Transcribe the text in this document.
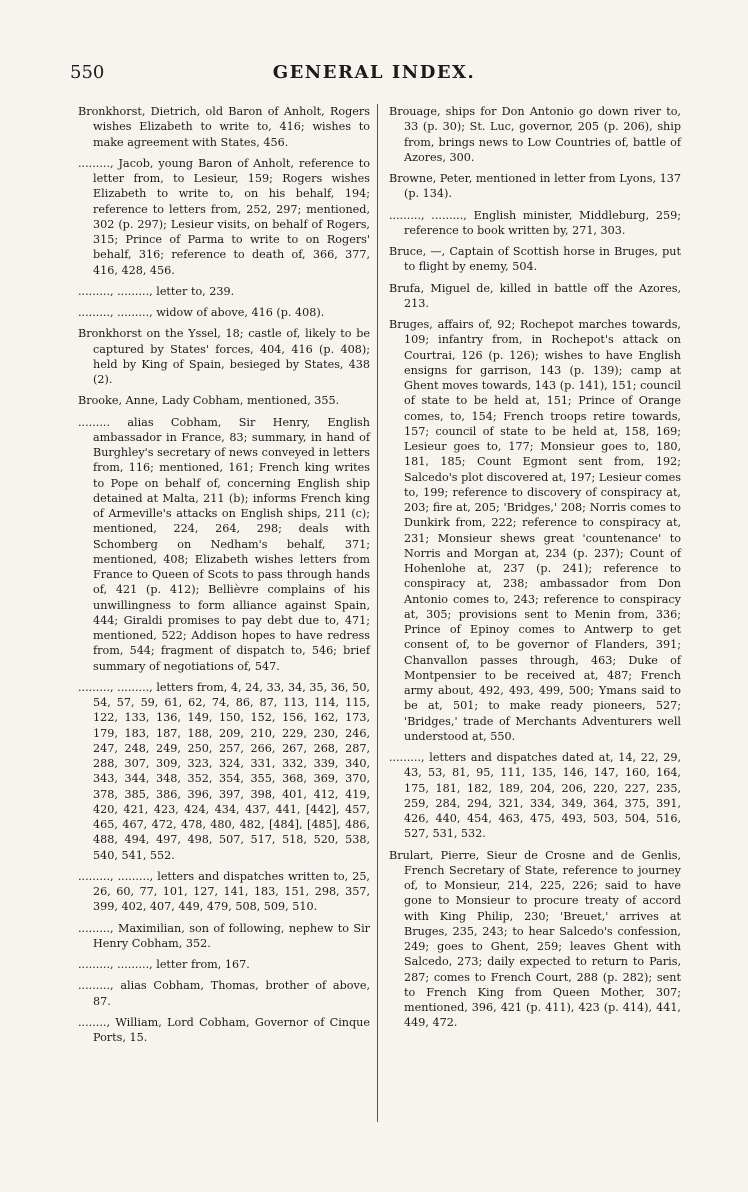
550	GENERAL INDEX.

Bronkhorst, Dietrich, old Baron of Anholt, Rogers wishes Elizabeth to write to, 416; wishes to make agreement with States, 456.

........., Jacob, young Baron of Anholt, reference to letter from, to Lesieur, 159; Rogers wishes Elizabeth to write to, on his behalf, 194; reference to letters from, 252, 297; mentioned, 302 (p. 297); Lesieur visits, on behalf of Rogers, 315; Prince of Parma to write to on Rogers' behalf, 316; reference to death of, 366, 377, 416, 428, 456.

........., ........., letter to, 239.

........., ........., widow of above, 416 (p. 408).

Bronkhorst on the Yssel, 18; castle of, likely to be captured by States' forces, 404, 416 (p. 408); held by King of Spain, besieged by States, 438 (2).

Brooke, Anne, Lady Cobham, mentioned, 355.

......... alias Cobham, Sir Henry, English ambassador in France, 83; summary, in hand of Burghley's secretary of news conveyed in letters from, 116; mentioned, 161; French king writes to Pope on behalf of, concerning English ship detained at Malta, 211 (b); informs French king of Armeville's attacks on English ships, 211 (c); mentioned, 224, 264, 298; deals with Schomberg on Nedham's behalf, 371; mentioned, 408; Elizabeth wishes letters from France to Queen of Scots to pass through hands of, 421 (p. 412); Bellièvre complains of his unwillingness to form alliance against Spain, 444; Giraldi promises to pay debt due to, 471; mentioned, 522; Addison hopes to have redress from, 544; fragment of dispatch to, 546; brief summary of negotiations of, 547.

........., ........., letters from, 4, 24, 33, 34, 35, 36, 50, 54, 57, 59, 61, 62, 74, 86, 87, 113, 114, 115, 122, 133, 136, 149, 150, 152, 156, 162, 173, 179, 183, 187, 188, 209, 210, 229, 230, 246, 247, 248, 249, 250, 257, 266, 267, 268, 287, 288, 307, 309, 323, 324, 331, 332, 339, 340, 343, 344, 348, 352, 354, 355, 368, 369, 370, 378, 385, 386, 396, 397, 398, 401, 412, 419, 420, 421, 423, 424, 434, 437, 441, [442], 457, 465, 467, 472, 478, 480, 482, [484], [485], 486, 488, 494, 497, 498, 507, 517, 518, 520, 538, 540, 541, 552.

........., ........., letters and dispatches written to, 25, 26, 60, 77, 101, 127, 141, 183, 151, 298, 357, 399, 402, 407, 449, 479, 508, 509, 510.

........., Maximilian, son of following, nephew to Sir Henry Cobham, 352.

........., ........., letter from, 167.

........., alias Cobham, Thomas, brother of above, 87.

........, William, Lord Cobham, Governor of Cinque Ports, 15.

Brouage, ships for Don Antonio go down river to, 33 (p. 30); St. Luc, governor, 205 (p. 206), ship from, brings news to Low Countries of, battle of Azores, 300.

Browne, Peter, mentioned in letter from Lyons, 137 (p. 134).

........., ........., English minister, Middleburg, 259; reference to book written by, 271, 303.

Bruce, —, Captain of Scottish horse in Bruges, put to flight by enemy, 504.

Brufa, Miguel de, killed in battle off the Azores, 213.

Bruges, affairs of, 92; Rochepot marches towards, 109; infantry from, in Rochepot's attack on Courtrai, 126 (p. 126); wishes to have English ensigns for garrison, 143 (p. 139); camp at Ghent moves towards, 143 (p. 141), 151; council of state to be held at, 151; Prince of Orange comes, to, 154; French troops retire towards, 157; council of state to be held at, 158, 169; Lesieur goes to, 177; Monsieur goes to, 180, 181, 185; Count Egmont sent from, 192; Salcedo's plot discovered at, 197; Lesieur comes to, 199; reference to discovery of conspiracy at, 203; fire at, 205; 'Bridges,' 208; Norris comes to Dunkirk from, 222; reference to conspiracy at, 231; Monsieur shews great 'countenance' to Norris and Morgan at, 234 (p. 237); Count of Hohenlohe at, 237 (p. 241); reference to conspiracy at, 238; ambassador from Don Antonio comes to, 243; reference to conspiracy at, 305; provisions sent to Menin from, 336; Prince of Epinoy comes to Antwerp to get consent of, to be governor of Flanders, 391; Chanvallon passes through, 463; Duke of Montpensier to be received at, 487; French army about, 492, 493, 499, 500; Ymans said to be at, 501; to make ready pioneers, 527; 'Bridges,' trade of Merchants Adventurers well understood at, 550.

........., letters and dispatches dated at, 14, 22, 29, 43, 53, 81, 95, 111, 135, 146, 147, 160, 164, 175, 181, 182, 189, 204, 206, 220, 227, 235, 259, 284, 294, 321, 334, 349, 364, 375, 391, 426, 440, 454, 463, 475, 493, 503, 504, 516, 527, 531, 532.

Brulart, Pierre, Sieur de Crosne and de Genlis, French Secretary of State, reference to journey of, to Monsieur, 214, 225, 226; said to have gone to Monsieur to procure treaty of accord with King Philip, 230; 'Breuet,' arrives at Bruges, 235, 243; to hear Salcedo's confession, 249; goes to Ghent, 259; leaves Ghent with Salcedo, 273; daily expected to return to Paris, 287; comes to French Court, 288 (p. 282); sent to French King from Queen Mother, 307; mentioned, 396, 421 (p. 411), 423 (p. 414), 441, 449, 472.
